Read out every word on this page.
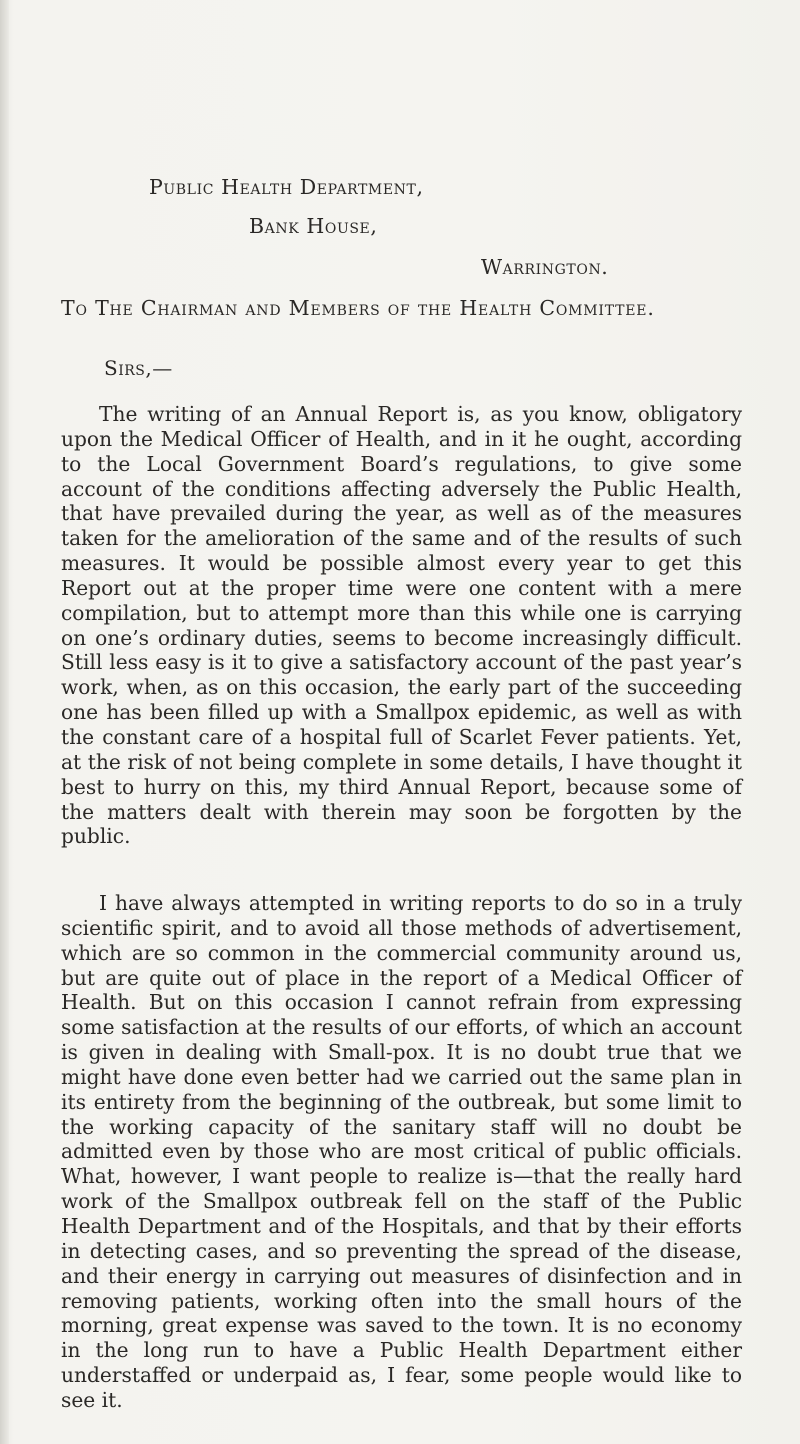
Public Health Department,
Bank House,
Warrington.
To The Chairman and Members of the Health Committee.
Sirs,—

The writing of an Annual Report is, as you know, obligatory upon the Medical Officer of Health, and in it he ought, according to the Local Government Board’s regulations, to give some account of the conditions affecting adversely the Public Health, that have prevailed during the year, as well as of the measures taken for the amelioration of the same and of the results of such measures. It would be possible almost every year to get this Report out at the proper time were one content with a mere compilation, but to attempt more than this while one is carrying on one’s ordinary duties, seems to become increasingly difficult. Still less easy is it to give a satisfactory account of the past year’s work, when, as on this occasion, the early part of the succeeding one has been filled up with a Smallpox epidemic, as well as with the constant care of a hospital full of Scarlet Fever patients. Yet, at the risk of not being complete in some details, I have thought it best to hurry on this, my third Annual Report, because some of the matters dealt with therein may soon be forgotten by the public.

I have always attempted in writing reports to do so in a truly scientific spirit, and to avoid all those methods of advertisement, which are so common in the commercial community around us, but are quite out of place in the report of a Medical Officer of Health. But on this occasion I cannot refrain from expressing some satisfaction at the results of our efforts, of which an account is given in dealing with Small-pox. It is no doubt true that we might have done even better had we carried out the same plan in its entirety from the beginning of the outbreak, but some limit to the working capacity of the sanitary staff will no doubt be admitted even by those who are most critical of public officials. What, however, I want people to realize is—that the really hard work of the Smallpox outbreak fell on the staff of the Public Health Department and of the Hospitals, and that by their efforts in detecting cases, and so preventing the spread of the disease, and their energy in carrying out measures of disinfection and in removing patients, working often into the small hours of the morning, great expense was saved to the town. It is no economy in the long run to have a Public Health Department either understaffed or underpaid as, I fear, some people would like to see it.
